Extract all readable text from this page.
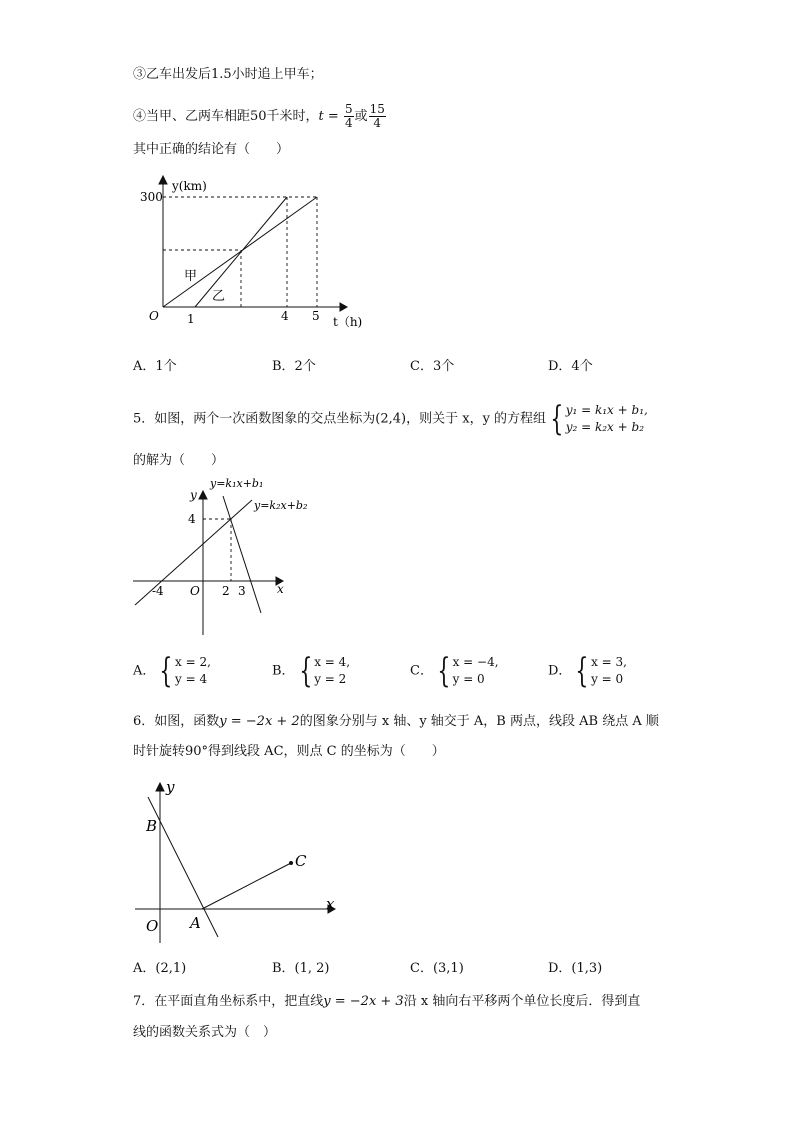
③乙车出发后1.5小时追上甲车；
④当甲、乙两车相距50千米时，$t = \frac{5}{4}$ 或 $\frac{15}{4}$
其中正确的结论有（　　）
y(km)
300
O 1	4 5 t（h)
甲
乙
A．1个	B．2个	C．3个	D．4个
5．如图，两个一次函数图象的交点坐标为(2,4)，则关于 x，y 的方程组 { y₁ = k₁x + b₁,
y₂ = k₂x + b₂
的解为（　　）
y=k₁x+b₁
y=k₂x+b₂
y
4
-4 O 2 3	x
A． { x = 2,
y = 4
B． { x = 4,
y = 2
C． { x = −4,
y = 0
D． { x = 3,
y = 0
6．如图，函数y = −2x + 2的图象分别与 x 轴、y 轴交于 A，B 两点，线段 AB 绕点 A 顺
时针旋转90°得到线段 AC，则点 C 的坐标为（　　）
y
x
O
B
A
C
A．(2,1)	B．(1, 2)	C．(3,1)	D．(1,3)
7．在平面直角坐标系中，把直线y = −2x + 3沿 x 轴向右平移两个单位长度后．得到直
线的函数关系式为（　）
